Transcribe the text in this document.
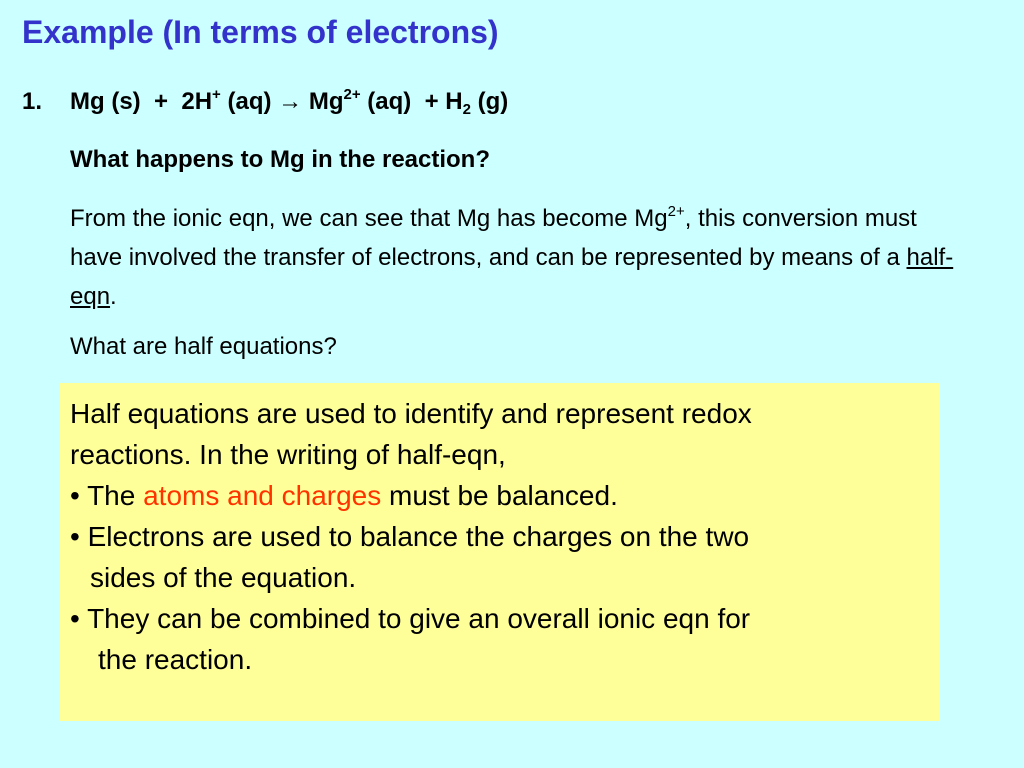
Example (In terms of electrons)
1. Mg (s) + 2H+ $(aq) \to Mg^{2+}$ $(aq) + H_2$ (g)
What happens to Mg in the reaction?
From the ionic eqn, we can see that Mg has become $Mg^{2+}$, this conversion must have involved the transfer of electrons, and can be represented by means of a half-eqn.
What are half equations?
Half equations are used to identify and represent redox
reactions. In the writing of half-eqn,
• The atoms and charges must be balanced.
• Electrons are used to balance the charges on the two
sides of the equation.
• They can be combined to give an overall ionic eqn for
the reaction.
